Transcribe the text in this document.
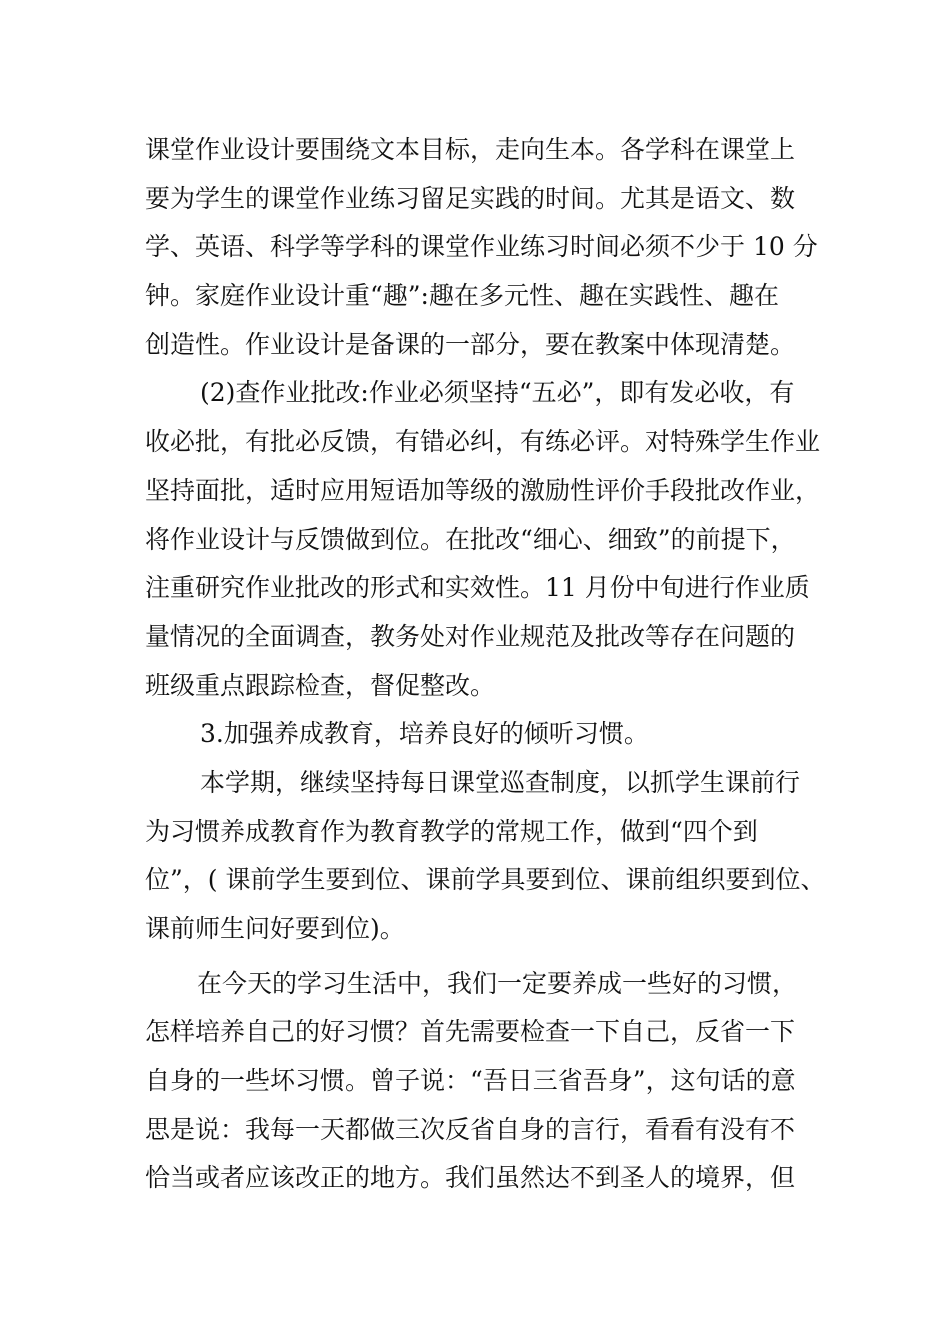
课堂作业设计要围绕文本目标，走向生本。各学科在课堂上
要为学生的课堂作业练习留足实践的时间。尤其是语文、数
学、英语、科学等学科的课堂作业练习时间必须不少于 10 分
钟。家庭作业设计重“趣”:趣在多元性、趣在实践性、趣在
创造性。作业设计是备课的一部分，要在教案中体现清楚。
(2)查作业批改:作业必须坚持“五必”，即有发必收，有
收必批，有批必反馈，有错必纠，有练必评。对特殊学生作业
坚持面批，适时应用短语加等级的激励性评价手段批改作业，
将作业设计与反馈做到位。在批改“细心、细致”的前提下，
注重研究作业批改的形式和实效性。11 月份中旬进行作业质
量情况的全面调查，教务处对作业规范及批改等存在问题的
班级重点跟踪检查，督促整改。
3.加强养成教育，培养良好的倾听习惯。
本学期，继续坚持每日课堂巡查制度，以抓学生课前行
为习惯养成教育作为教育教学的常规工作，做到“四个到
位”，( 课前学生要到位、课前学具要到位、课前组织要到位、
课前师生问好要到位)。
在今天的学习生活中，我们一定要养成一些好的习惯，
怎样培养自己的好习惯？首先需要检查一下自己，反省一下
自身的一些坏习惯。曾子说：“吾日三省吾身”，这句话的意
思是说：我每一天都做三次反省自身的言行，看看有没有不
恰当或者应该改正的地方。我们虽然达不到圣人的境界，但
